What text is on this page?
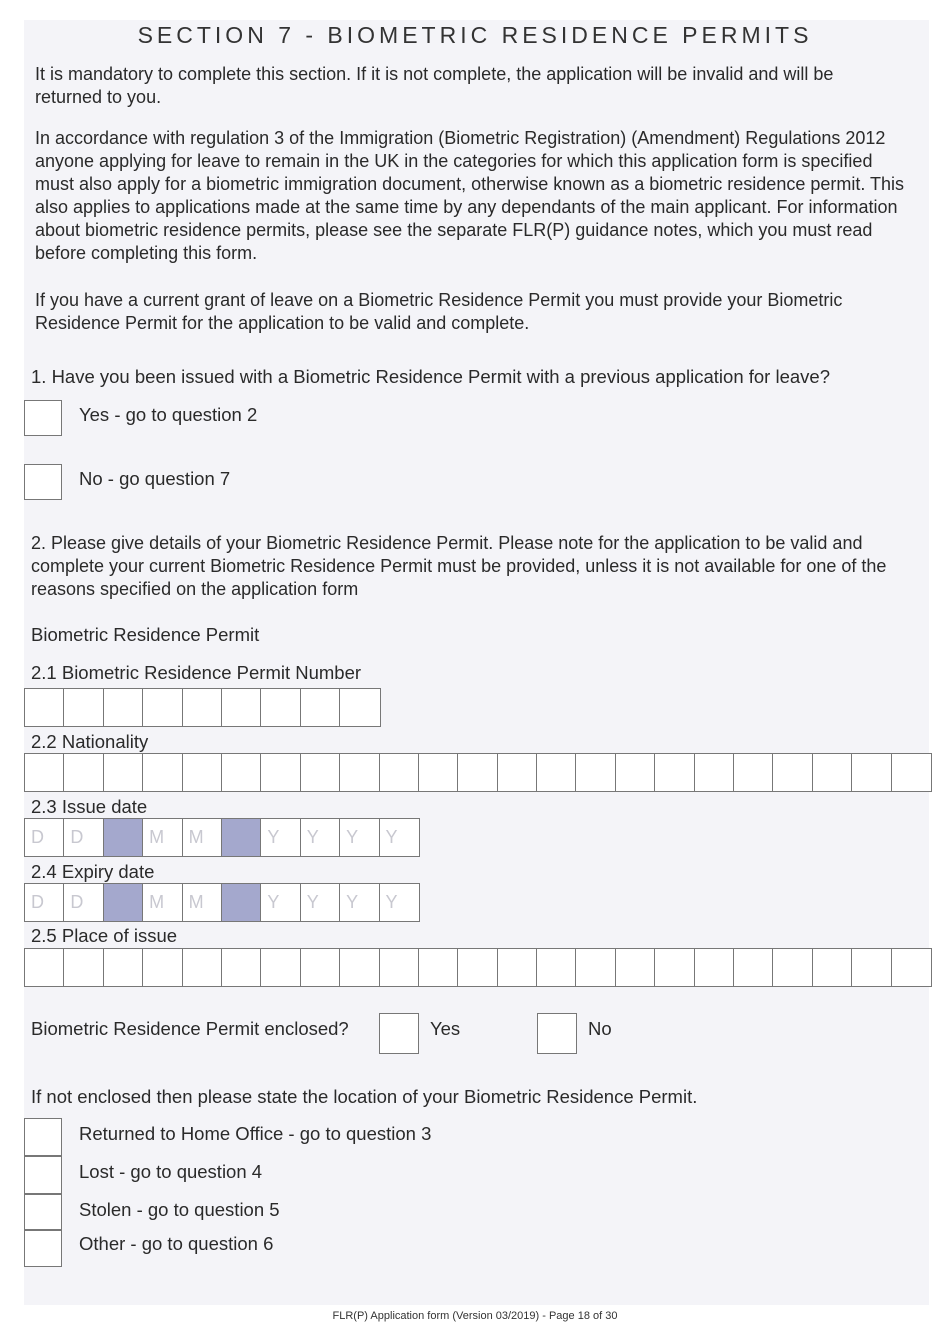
SECTION 7 - BIOMETRIC RESIDENCE PERMITS
It is mandatory to complete this section. If it is not complete, the application will be invalid and will be returned to you.
In accordance with regulation 3 of the Immigration (Biometric Registration) (Amendment) Regulations 2012 anyone applying for leave to remain in the UK in the categories for which this application form is specified must also apply for a biometric immigration document, otherwise known as a biometric residence permit. This also applies to applications made at the same time by any dependants of the main applicant. For information about biometric residence permits, please see the separate FLR(P) guidance notes, which you must read before completing this form.
If you have a current grant of leave on a Biometric Residence Permit you must provide your Biometric Residence Permit for the application to be valid and complete.
1. Have you been issued with a Biometric Residence Permit with a previous application for leave?
Yes - go to question 2
No - go question 7
2. Please give details of your Biometric Residence Permit. Please note for the application to be valid and complete your current Biometric Residence Permit must be provided, unless it is not available for one of the reasons specified on the application form
Biometric Residence Permit
2.1 Biometric Residence Permit Number
2.2 Nationality
2.3 Issue date
D	D	M	M	Y	Y	Y	Y
2.4 Expiry date
D	D	M	M	Y	Y	Y	Y
2.5 Place of issue
Biometric Residence Permit enclosed?	Yes	No
If not enclosed then please state the location of your Biometric Residence Permit.
Returned to Home Office - go to question 3
Lost - go to question 4
Stolen - go to question 5
Other - go to question 6
FLR(P) Application form (Version 03/2019) - Page 18 of 30
